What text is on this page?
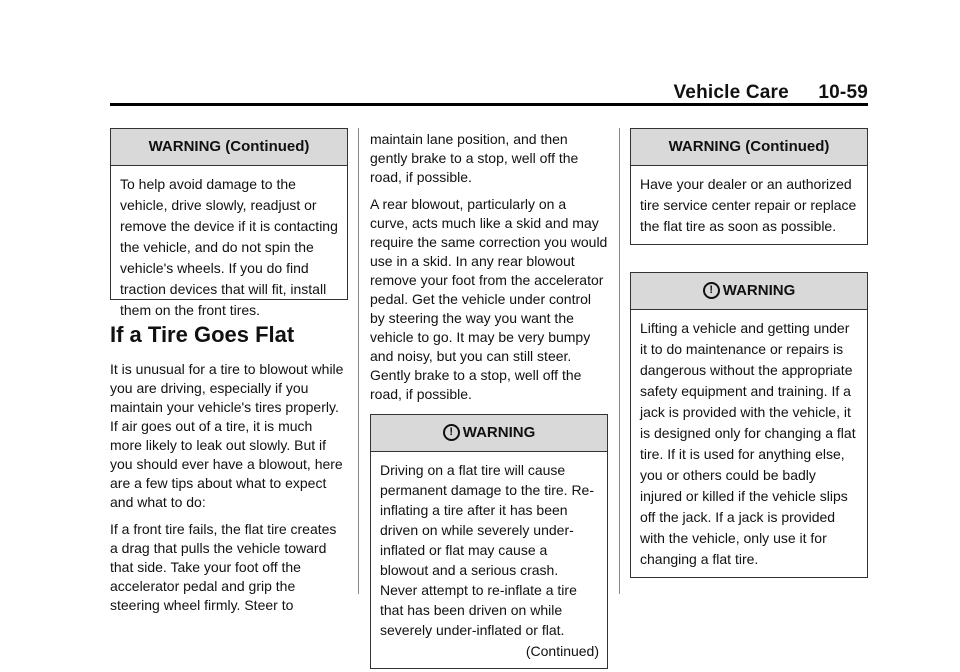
Vehicle Care 10-59
WARNING (Continued)
To help avoid damage to the vehicle, drive slowly, readjust or remove the device if it is contacting the vehicle, and do not spin the vehicle's wheels. If you do find traction devices that will fit, install them on the front tires.
If a Tire Goes Flat

It is unusual for a tire to blowout while you are driving, especially if you maintain your vehicle's tires properly. If air goes out of a tire, it is much more likely to leak out slowly. But if you should ever have a blowout, here are a few tips about what to expect and what to do:

If a front tire fails, the flat tire creates a drag that pulls the vehicle toward that side. Take your foot off the accelerator pedal and grip the steering wheel firmly. Steer to

maintain lane position, and then gently brake to a stop, well off the road, if possible.

A rear blowout, particularly on a curve, acts much like a skid and may require the same correction you would use in a skid. In any rear blowout remove your foot from the accelerator pedal. Get the vehicle under control by steering the way you want the vehicle to go. It may be very bumpy and noisy, but you can still steer. Gently brake to a stop, well off the road, if possible.

! WARNING
Driving on a flat tire will cause permanent damage to the tire. Re-inflating a tire after it has been driven on while severely under-inflated or flat may cause a blowout and a serious crash. Never attempt to re-inflate a tire that has been driven on while severely under-inflated or flat.
(Continued)
WARNING (Continued)
Have your dealer or an authorized tire service center repair or replace the flat tire as soon as possible.
! WARNING
Lifting a vehicle and getting under it to do maintenance or repairs is dangerous without the appropriate safety equipment and training. If a jack is provided with the vehicle, it is designed only for changing a flat tire. If it is used for anything else, you or others could be badly injured or killed if the vehicle slips off the jack. If a jack is provided with the vehicle, only use it for changing a flat tire.
